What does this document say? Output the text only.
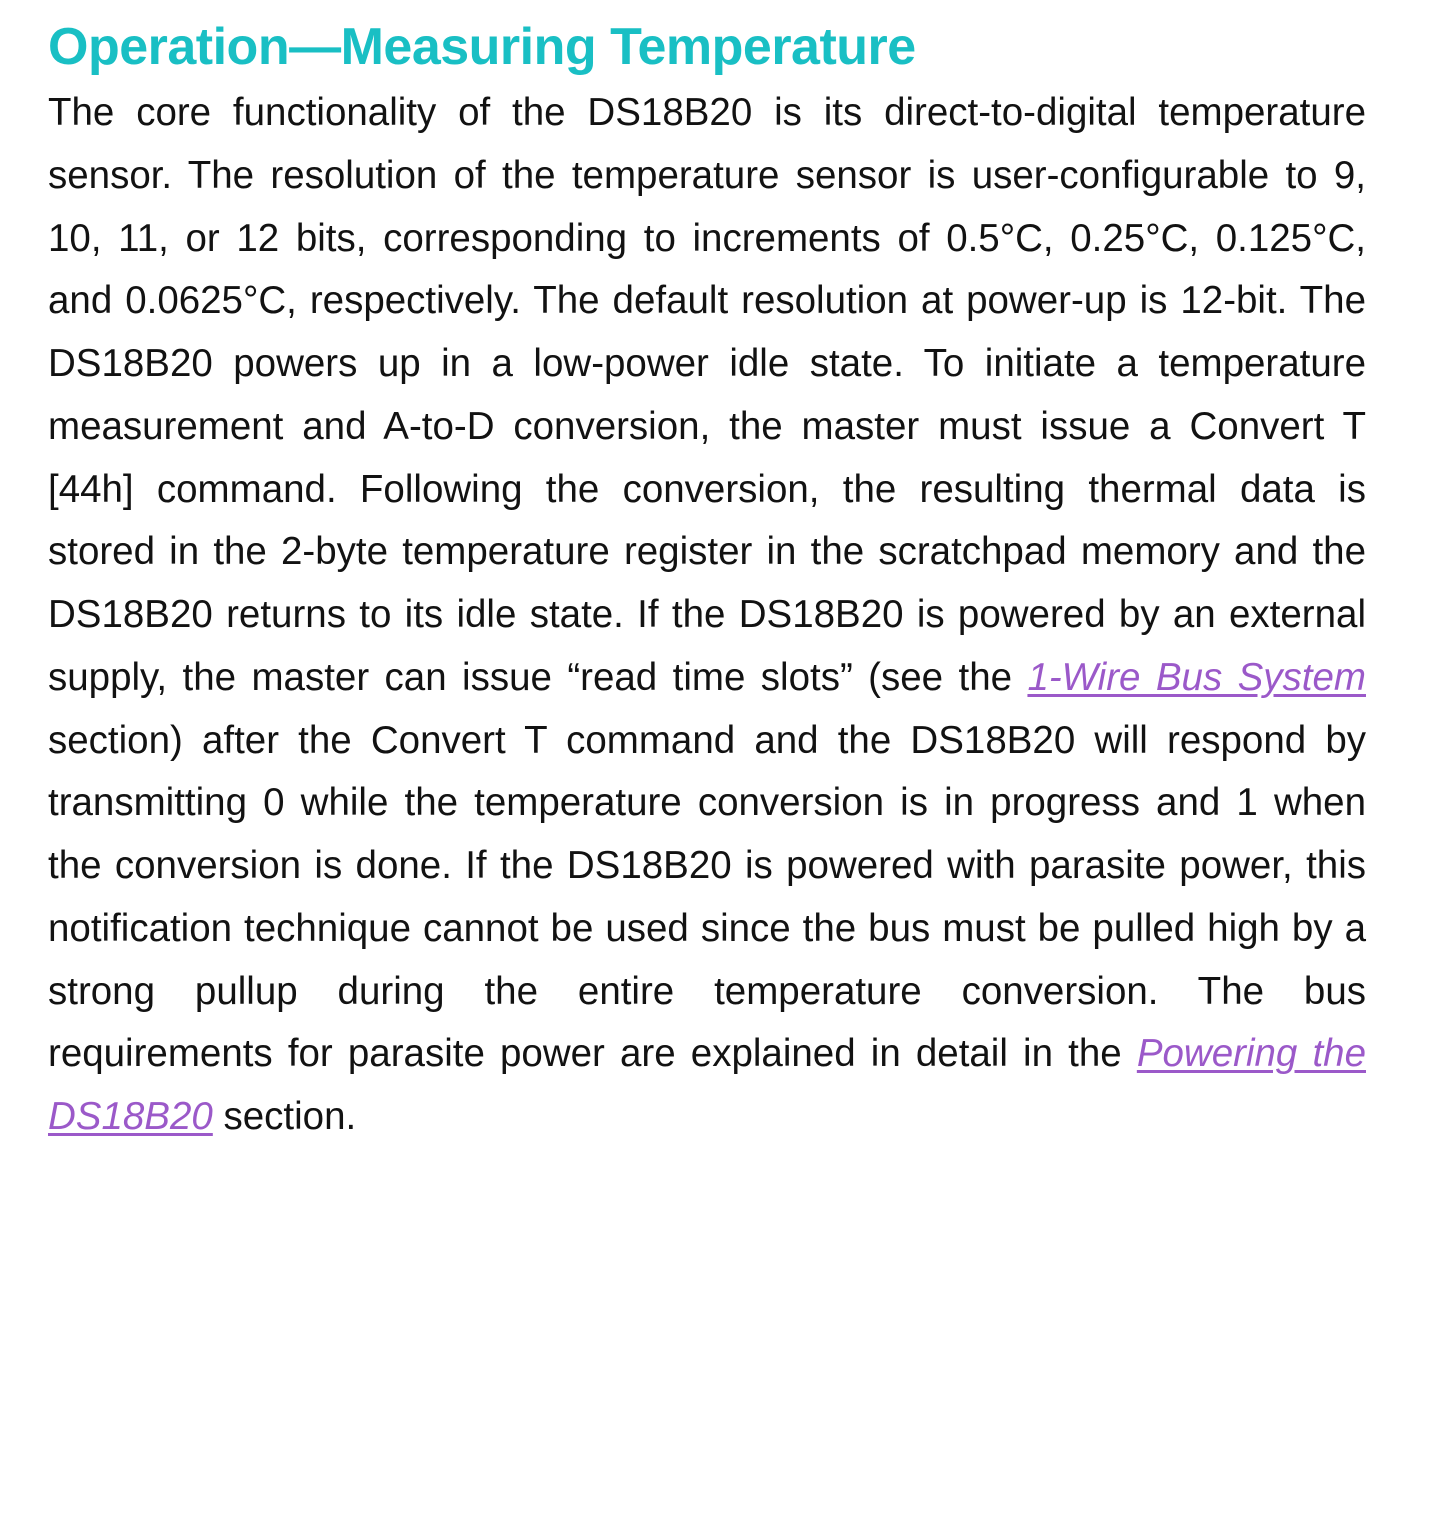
Operation—Measuring Temperature

The core functionality of the DS18B20 is its direct-to-digital temperature sensor. The resolution of the temperature sensor is user-configurable to 9, 10, 11, or 12 bits, corresponding to increments of 0.5°C, 0.25°C, 0.125°C, and 0.0625°C, respectively. The default resolution at power-up is 12-bit. The DS18B20 powers up in a low-power idle state. To initiate a temperature measurement and A-to-D conversion, the master must issue a Convert T [44h] command. Following the conversion, the resulting thermal data is stored in the 2-byte temperature register in the scratchpad memory and the DS18B20 returns to its idle state. If the DS18B20 is powered by an external supply, the master can issue “read time slots” (see the 1-Wire Bus System section) after the Convert T command and the DS18B20 will respond by transmitting 0 while the temperature conversion is in progress and 1 when the conversion is done. If the DS18B20 is powered with parasite power, this notification technique cannot be used since the bus must be pulled high by a strong pullup during the entire temperature conversion. The bus requirements for parasite power are explained in detail in the Powering the DS18B20 section.
